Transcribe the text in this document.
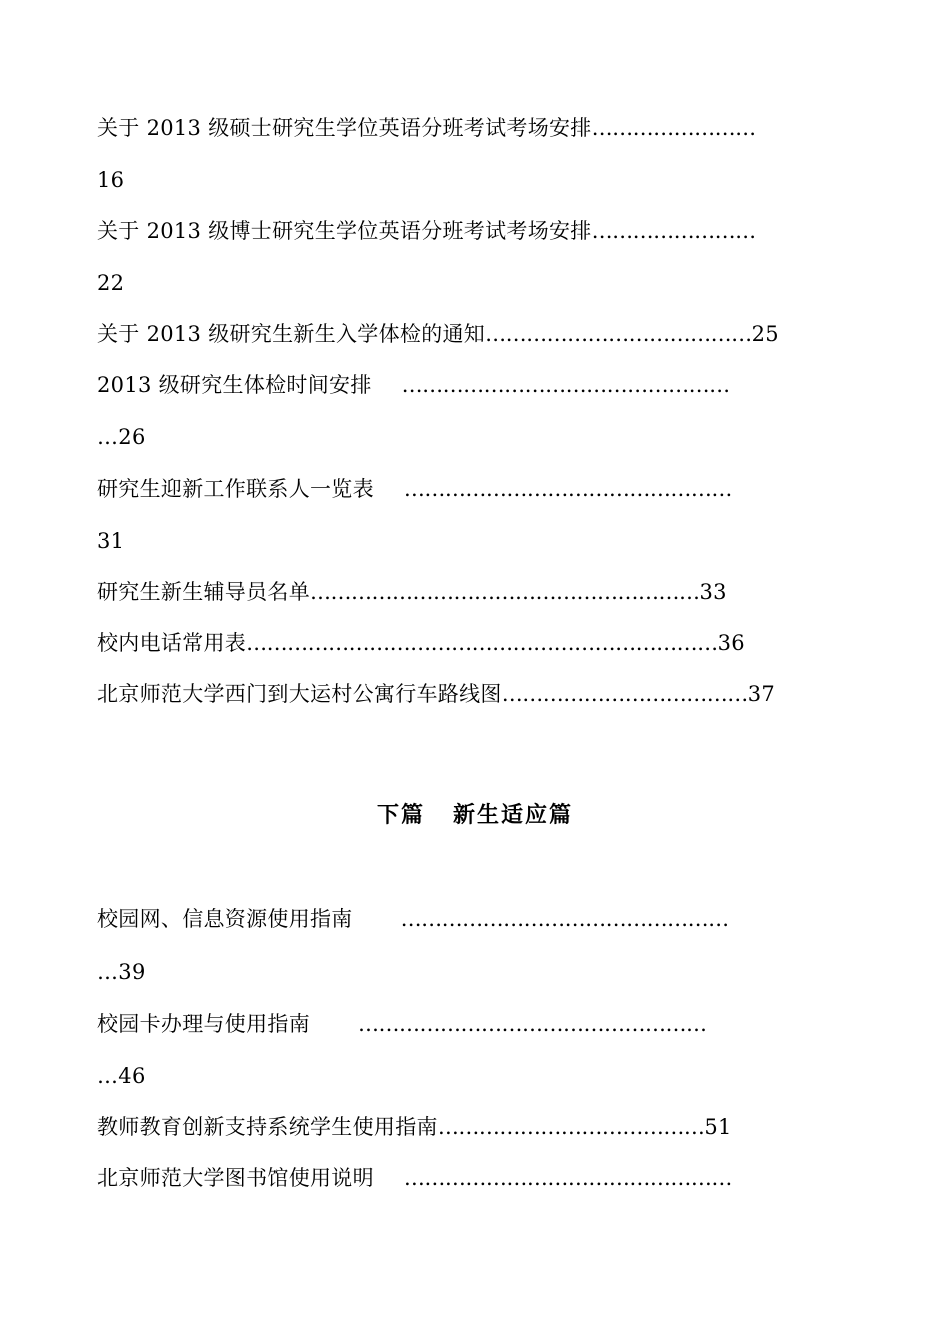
关于 2013 级硕士研究生学位英语分班考试考场安排……………………
16
关于 2013 级博士研究生学位英语分班考试考场安排……………………
22
关于 2013 级研究生新生入学体检的通知…………………………………25
2013 级研究生体检时间安排 …………………………………………
…26
研究生迎新工作联系人一览表 …………………………………………
31
研究生新生辅导员名单…………………………………………………33
校内电话常用表……………………………………………………………36
北京师范大学西门到大运村公寓行车路线图………………………………37
下篇 新生适应篇
校园网、信息资源使用指南 …………………………………………
…39
校园卡办理与使用指南 ……………………………………………
…46
教师教育创新支持系统学生使用指南…………………………………51
北京师范大学图书馆使用说明 …………………………………………
